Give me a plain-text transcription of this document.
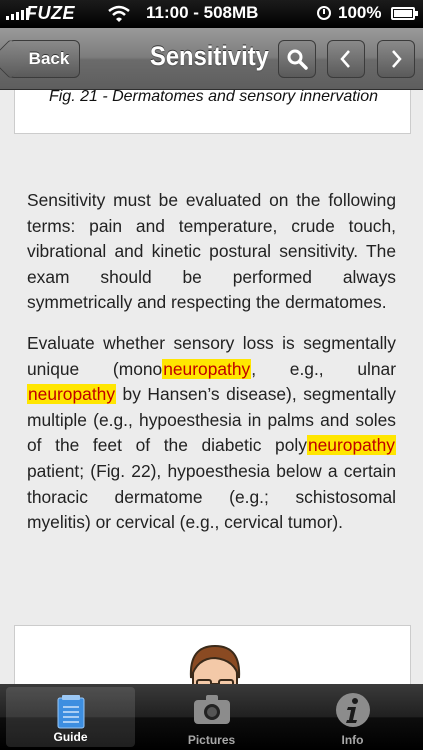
FUZE	11:00 - 508MB	100%
Back	Sensitivity
Fig. 21 - Dermatomes and sensory innervation

Sensitivity must be evaluated on the following terms: pain and temperature, crude touch, vibrational and kinetic postural sensitivity. The exam should be performed always symmetrically and respecting the dermatomes.

Evaluate whether sensory loss is segmentally unique (mononeuropathy, e.g., ulnar neuropathy by Hansen’s disease), segmentally multiple (e.g., hypoesthesia in palms and soles of the feet of the diabetic polyneuropathy patient; (Fig. 22), hypoesthesia below a certain thoracic dermatome (e.g.; schistosomal myelitis) or cervical (e.g., cervical tumor).

Guide	Pictures	Info
